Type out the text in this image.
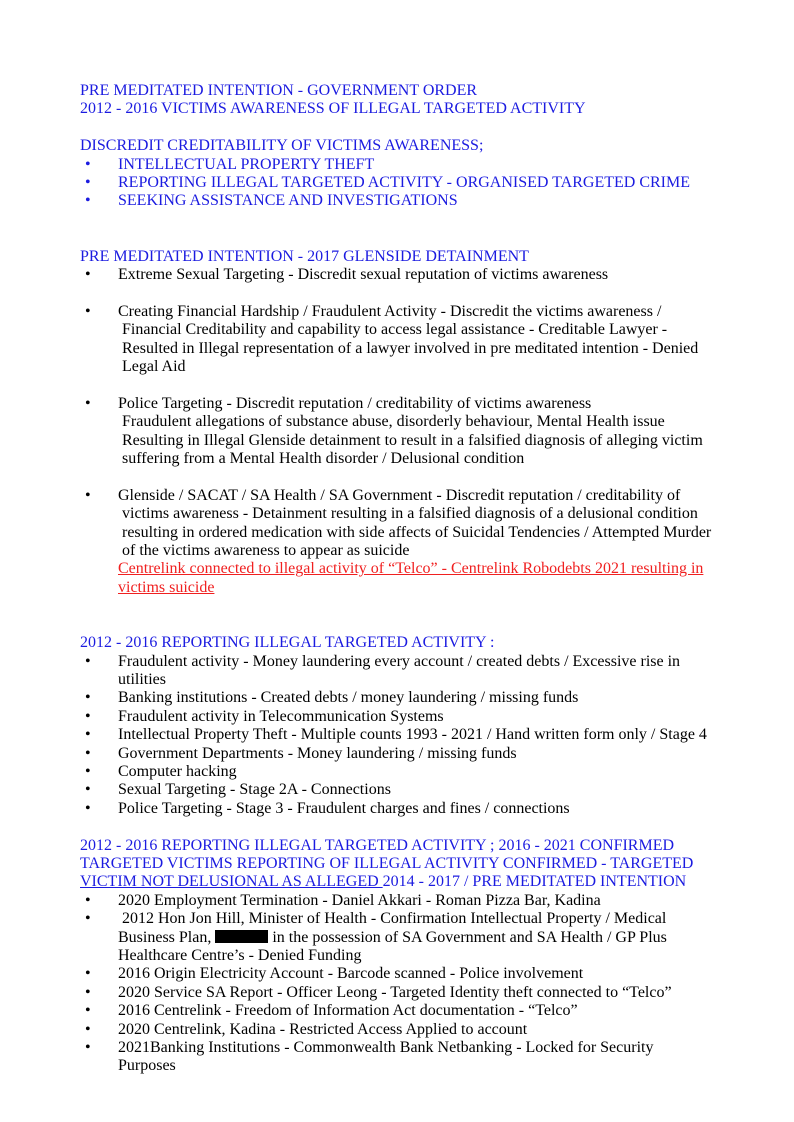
PRE MEDITATED INTENTION - GOVERNMENT ORDER
2012 - 2016 VICTIMS AWARENESS OF ILLEGAL TARGETED ACTIVITY
DISCREDIT CREDITABILITY OF VICTIMS AWARENESS;
• INTELLECTUAL PROPERTY THEFT
• REPORTING ILLEGAL TARGETED ACTIVITY - ORGANISED TARGETED CRIME
• SEEKING ASSISTANCE AND INVESTIGATIONS
PRE MEDITATED INTENTION - 2017 GLENSIDE DETAINMENT
• Extreme Sexual Targeting - Discredit sexual reputation of victims awareness
• Creating Financial Hardship / Fraudulent Activity - Discredit the victims awareness /
Financial Creditability and capability to access legal assistance - Creditable Lawyer -
Resulted in Illegal representation of a lawyer involved in pre meditated intention - Denied
Legal Aid
• Police Targeting - Discredit reputation / creditability of victims awareness
Fraudulent allegations of substance abuse, disorderly behaviour, Mental Health issue
Resulting in Illegal Glenside detainment to result in a falsified diagnosis of alleging victim
suffering from a Mental Health disorder / Delusional condition
• Glenside / SACAT / SA Health / SA Government - Discredit reputation / creditability of
victims awareness - Detainment resulting in a falsified diagnosis of a delusional condition
resulting in ordered medication with side affects of Suicidal Tendencies / Attempted Murder
of the victims awareness to appear as suicide
Centrelink connected to illegal activity of “Telco” - Centrelink Robodebts 2021 resulting in
victims suicide
2012 - 2016 REPORTING ILLEGAL TARGETED ACTIVITY :
• Fraudulent activity - Money laundering every account / created debts / Excessive rise in
utilities
• Banking institutions - Created debts / money laundering / missing funds
• Fraudulent activity in Telecommunication Systems
• Intellectual Property Theft - Multiple counts 1993 - 2021 / Hand written form only / Stage 4
• Government Departments - Money laundering / missing funds
• Computer hacking
• Sexual Targeting - Stage 2A - Connections
• Police Targeting - Stage 3 - Fraudulent charges and fines / connections
2012 - 2016 REPORTING ILLEGAL TARGETED ACTIVITY ; 2016 - 2021 CONFIRMED
TARGETED VICTIMS REPORTING OF ILLEGAL ACTIVITY CONFIRMED - TARGETED
VICTIM NOT DELUSIONAL AS ALLEGED 2014 - 2017 / PRE MEDITATED INTENTION
• 2020 Employment Termination - Daniel Akkari - Roman Pizza Bar, Kadina
•  2012 Hon Jon Hill, Minister of Health - Confirmation Intellectual Property / Medical
Business Plan,	in the possession of SA Government and SA Health / GP Plus
Healthcare Centre’s - Denied Funding
• 2016 Origin Electricity Account - Barcode scanned - Police involvement
• 2020 Service SA Report - Officer Leong - Targeted Identity theft connected to “Telco”
• 2016 Centrelink - Freedom of Information Act documentation - “Telco”
• 2020 Centrelink, Kadina - Restricted Access Applied to account
• 2021Banking Institutions - Commonwealth Bank Netbanking - Locked for Security
Purposes
